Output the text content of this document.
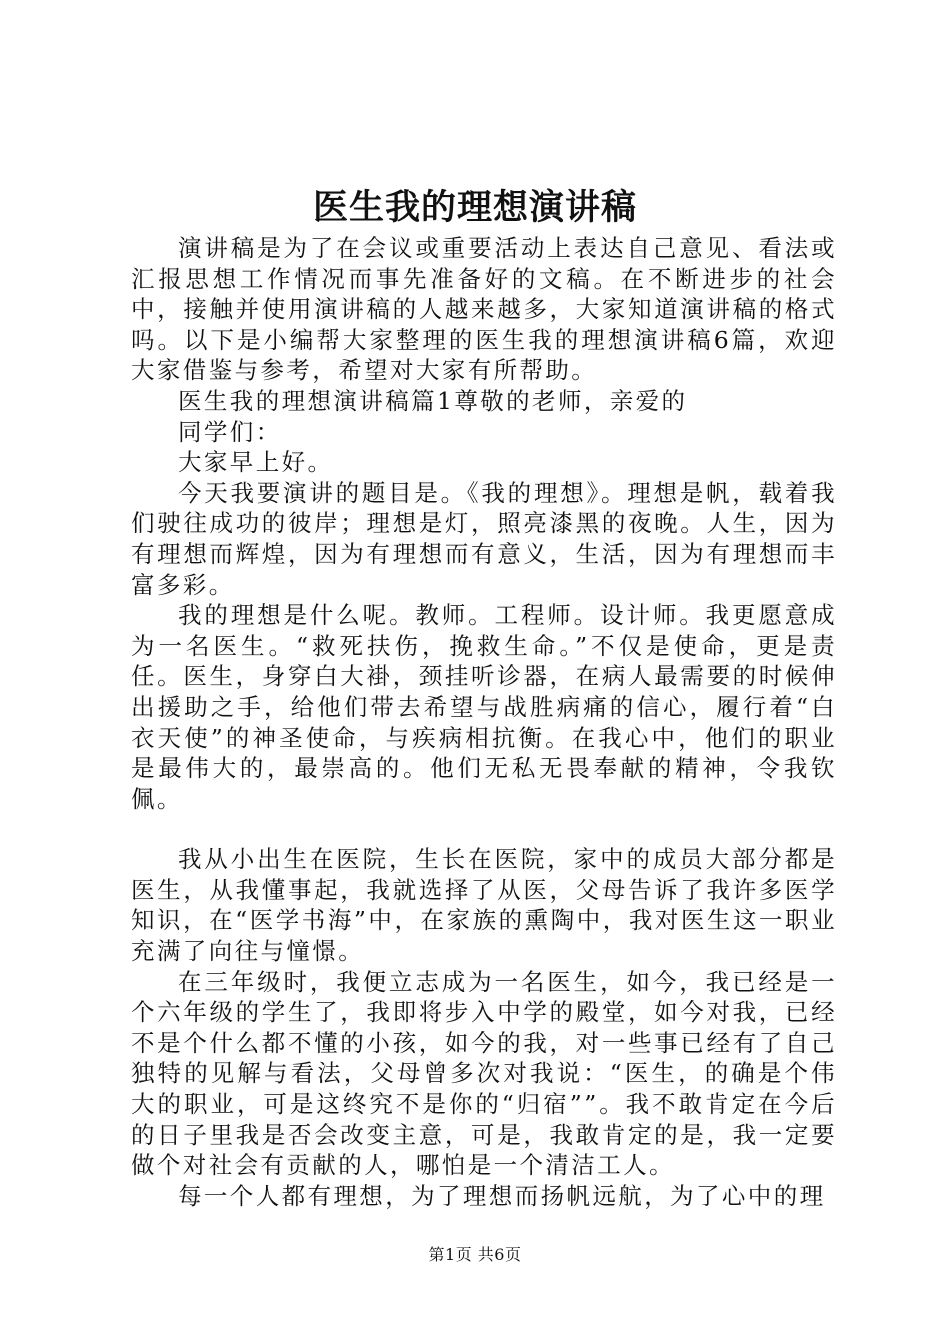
医生我的理想演讲稿

演讲稿是为了在会议或重要活动上表达自己意见、看法或汇报思想工作情况而事先准备好的文稿。在不断进步的社会中，接触并使用演讲稿的人越来越多，大家知道演讲稿的格式吗。以下是小编帮大家整理的医生我的理想演讲稿6篇，欢迎大家借鉴与参考，希望对大家有所帮助。

医生我的理想演讲稿篇1尊敬的老师，亲爱的

同学们：

大家早上好。

今天我要演讲的题目是。《我的理想》。理想是帆，载着我们驶往成功的彼岸；理想是灯，照亮漆黑的夜晚。人生，因为有理想而辉煌，因为有理想而有意义，生活，因为有理想而丰富多彩。

我的理想是什么呢。教师。工程师。设计师。我更愿意成为一名医生。“救死扶伤，挽救生命。”不仅是使命，更是责任。医生，身穿白大褂，颈挂听诊器，在病人最需要的时候伸出援助之手，给他们带去希望与战胜病痛的信心，履行着“白衣天使”的神圣使命，与疾病相抗衡。在我心中，他们的职业是最伟大的，最崇高的。他们无私无畏奉献的精神，令我钦佩。

我从小出生在医院，生长在医院，家中的成员大部分都是医生，从我懂事起，我就选择了从医，父母告诉了我许多医学知识，在“医学书海”中，在家族的熏陶中，我对医生这一职业充满了向往与憧憬。

在三年级时，我便立志成为一名医生，如今，我已经是一个六年级的学生了，我即将步入中学的殿堂，如今对我，已经不是个什么都不懂的小孩，如今的我，对一些事已经有了自己独特的见解与看法，父母曾多次对我说：“医生，的确是个伟大的职业，可是这终究不是你的“归宿””。我不敢肯定在今后的日子里我是否会改变主意，可是，我敢肯定的是，我一定要做个对社会有贡献的人，哪怕是一个清洁工人。

每一个人都有理想，为了理想而扬帆远航，为了心中的理

第1页 共6页
